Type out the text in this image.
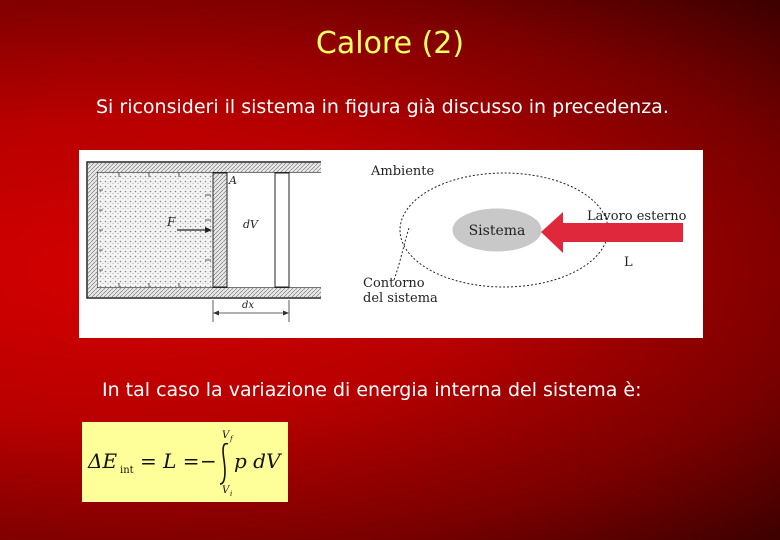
Calore (2)
Si riconsideri il sistema in figura già discusso in precedenza.
A
F	dV
dx
Ambiente
Sistema
Lavoro esterno
L
Contorno
del sistema
In tal caso la variazione di energia interna del sistema è:
ΔE int = L = −
V f
V i
p dV
